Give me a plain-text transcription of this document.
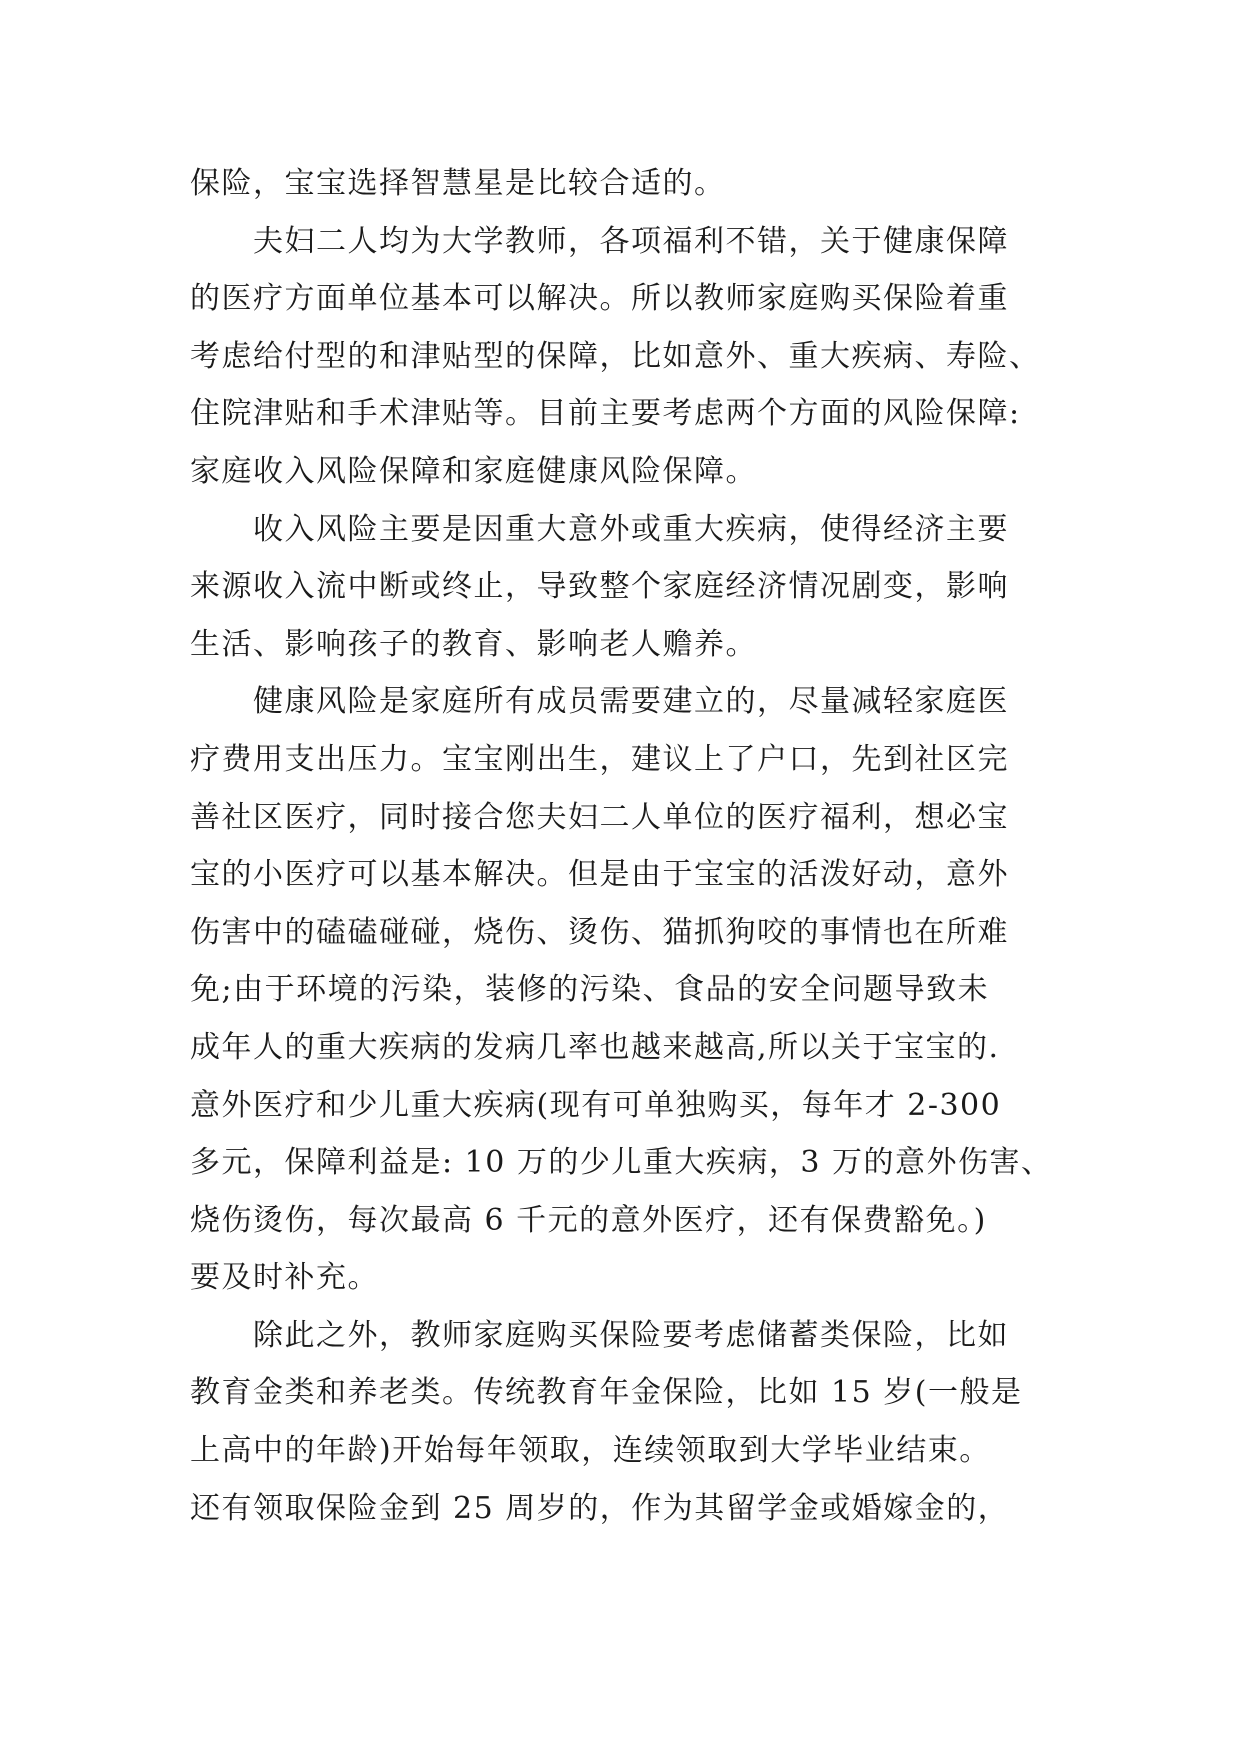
保险，宝宝选择智慧星是比较合适的。
　　夫妇二人均为大学教师，各项福利不错，关于健康保障
的医疗方面单位基本可以解决。所以教师家庭购买保险着重
考虑给付型的和津贴型的保障，比如意外、重大疾病、寿险、
住院津贴和手术津贴等。目前主要考虑两个方面的风险保障:
家庭收入风险保障和家庭健康风险保障。
　　收入风险主要是因重大意外或重大疾病，使得经济主要
来源收入流中断或终止，导致整个家庭经济情况剧变，影响
生活、影响孩子的教育、影响老人赡养。
　　健康风险是家庭所有成员需要建立的，尽量减轻家庭医
疗费用支出压力。宝宝刚出生，建议上了户口，先到社区完
善社区医疗，同时接合您夫妇二人单位的医疗福利，想必宝
宝的小医疗可以基本解决。但是由于宝宝的活泼好动，意外
伤害中的磕磕碰碰，烧伤、烫伤、猫抓狗咬的事情也在所难
免;由于环境的污染，装修的污染、食品的安全问题导致未
成年人的重大疾病的发病几率也越来越高,所以关于宝宝的.
意外医疗和少儿重大疾病(现有可单独购买，每年才 2-300
多元，保障利益是: 10 万的少儿重大疾病，3 万的意外伤害、
烧伤烫伤，每次最高 6 千元的意外医疗，还有保费豁免。)
要及时补充。
　　除此之外，教师家庭购买保险要考虑储蓄类保险，比如
教育金类和养老类。传统教育年金保险，比如 15 岁(一般是
上高中的年龄)开始每年领取，连续领取到大学毕业结束。
还有领取保险金到 25 周岁的，作为其留学金或婚嫁金的，
